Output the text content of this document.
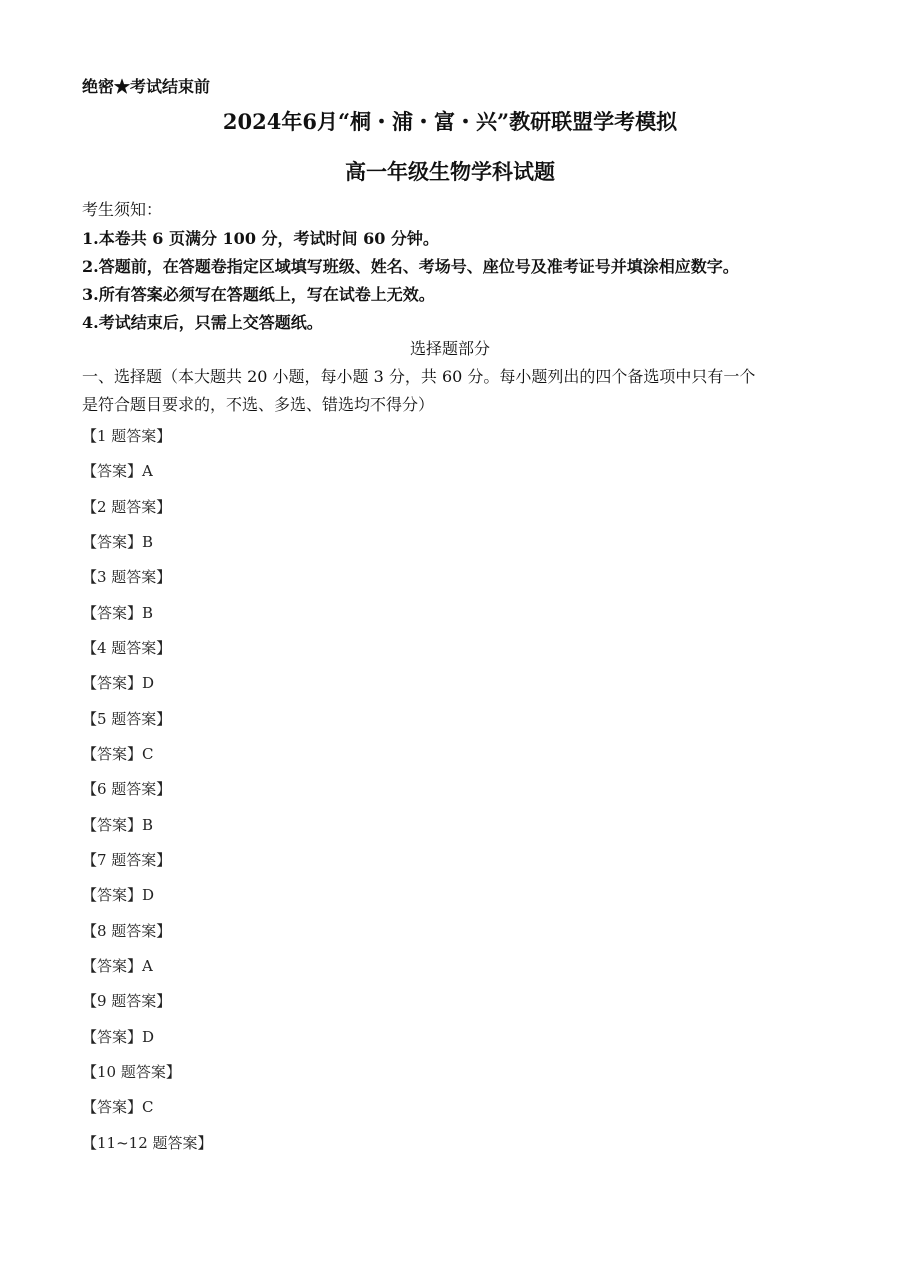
绝密★考试结束前
2024年6月“桐・浦・富・兴”教研联盟学考模拟
高一年级生物学科试题
考生须知：
1.本卷共 6 页满分 100 分，考试时间 60 分钟。
2.答题前，在答题卷指定区域填写班级、姓名、考场号、座位号及准考证号并填涂相应数字。
3.所有答案必须写在答题纸上，写在试卷上无效。
4.考试结束后，只需上交答题纸。
选择题部分
一、选择题（本大题共 20 小题，每小题 3 分，共 60 分。每小题列出的四个备选项中只有一个
是符合题目要求的，不选、多选、错选均不得分）
【1 题答案】
【答案】A
【2 题答案】
【答案】B
【3 题答案】
【答案】B
【4 题答案】
【答案】D
【5 题答案】
【答案】C
【6 题答案】
【答案】B
【7 题答案】
【答案】D
【8 题答案】
【答案】A
【9 题答案】
【答案】D
【10 题答案】
【答案】C
【11~12 题答案】
